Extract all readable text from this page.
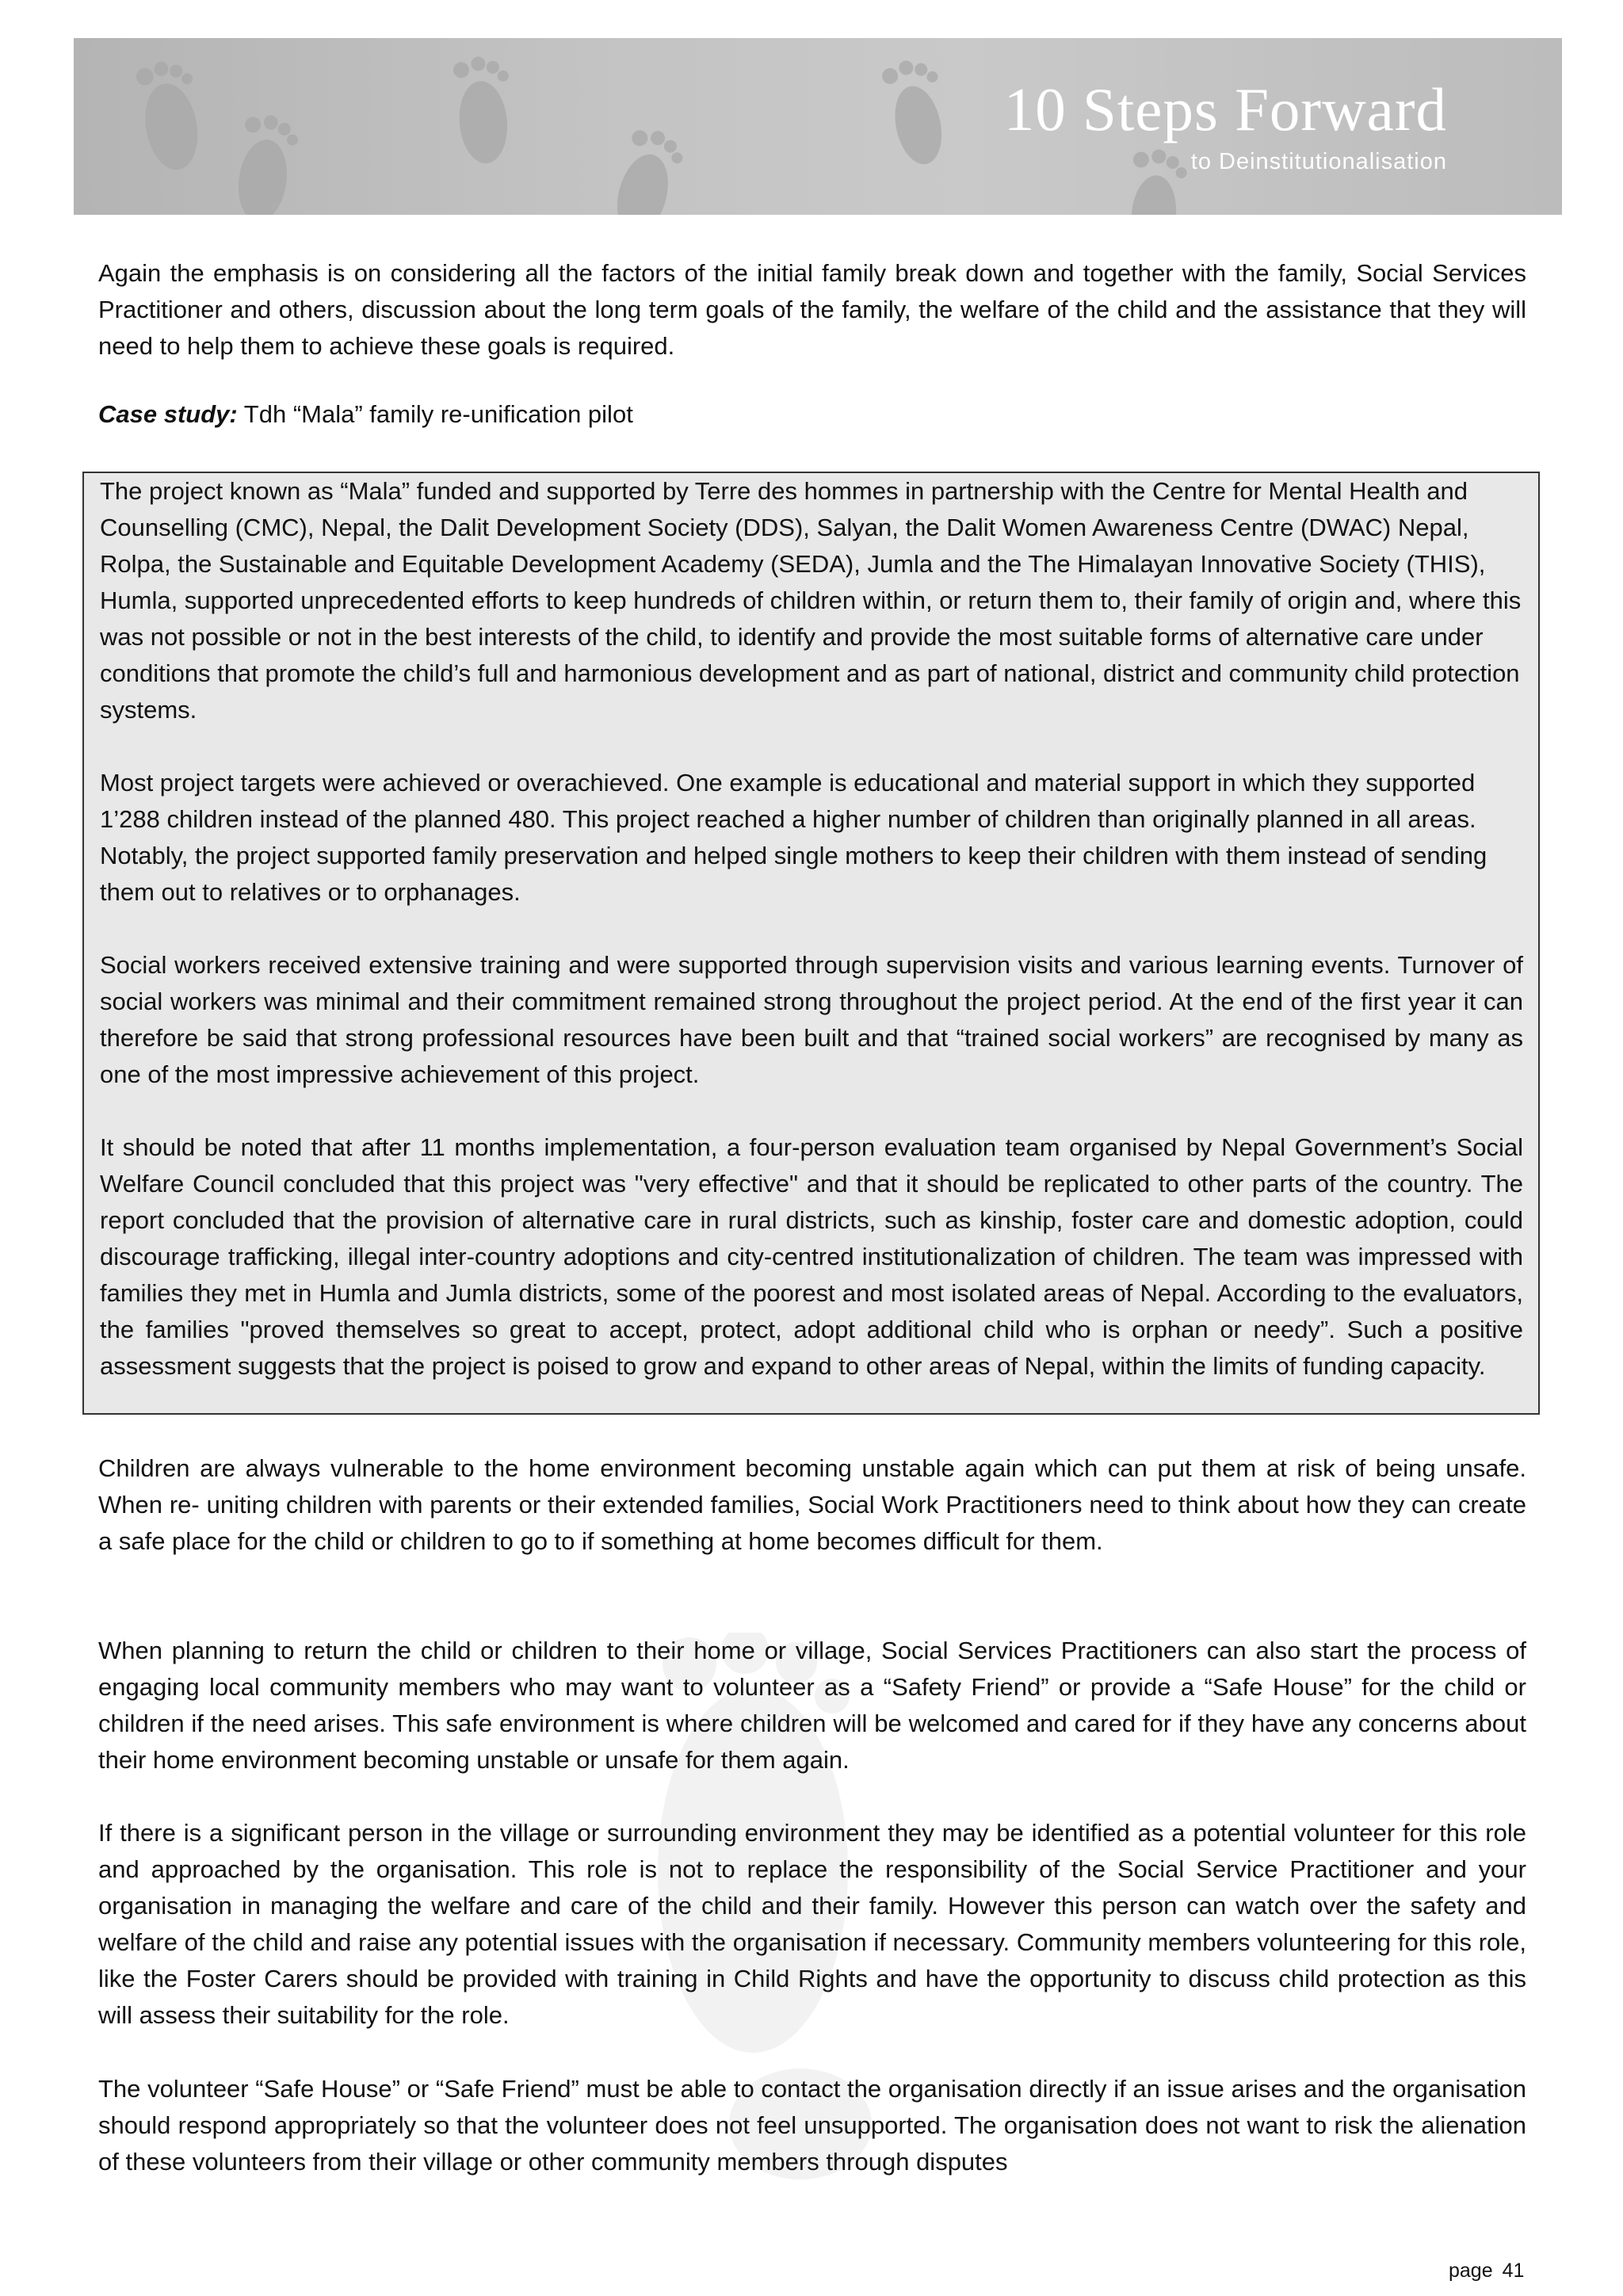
10 Steps Forward
to Deinstitutionalisation

Again the emphasis is on considering all the factors of the initial family break down and together with the family, Social Services Practitioner and others, discussion about the long term goals of the family, the welfare of the child and the assistance that they will need to help them to achieve these goals is required.

Case study: Tdh “Mala” family re-unification pilot

The project known as “Mala” funded and supported by Terre des hommes in partnership with the Centre for Mental Health and Counselling (CMC), Nepal, the Dalit Development Society (DDS), Salyan, the Dalit Women Awareness Centre (DWAC) Nepal, Rolpa, the Sustainable and Equitable Development Academy (SEDA), Jumla and the The Himalayan Innovative Society (THIS), Humla, supported unprecedented efforts to keep hundreds of children within, or return them to, their family of origin and, where this was not possible or not in the best interests of the child, to identify and provide the most suitable forms of alternative care under conditions that promote the child’s full and harmonious development and as part of national, district and community child protection systems.

Most project targets were achieved or overachieved. One example is educational and material support in which they supported 1’288 children instead of the planned 480. This project reached a higher number of children than originally planned in all areas. Notably, the project supported family preservation and helped single mothers to keep their children with them instead of sending them out to relatives or to orphanages.

Social workers received extensive training and were supported through supervision visits and various learning events. Turnover of social workers was minimal and their commitment remained strong throughout the project period. At the end of the first year it can therefore be said that strong professional resources have been built and that “trained social workers” are recognised by many as one of the most impressive achievement of this project.

It should be noted that after 11 months implementation, a four-person evaluation team organised by Nepal Government’s Social Welfare Council concluded that this project was "very effective" and that it should be replicated to other parts of the country. The report concluded that the provision of alternative care in rural districts, such as kinship, foster care and domestic adoption, could discourage trafficking, illegal inter-country adoptions and city-centred institutionalization of children. The team was impressed with families they met in Humla and Jumla districts, some of the poorest and most isolated areas of Nepal. According to the evaluators, the families "proved themselves so great to accept, protect, adopt additional child who is orphan or needy”. Such a positive assessment suggests that the project is poised to grow and expand to other areas of Nepal, within the limits of funding capacity.

Children are always vulnerable to the home environment becoming unstable again which can put them at risk of being unsafe. When re- uniting children with parents or their extended families, Social Work Practitioners need to think about how they can create a safe place for the child or children to go to if something at home becomes difficult for them.

When planning to return the child or children to their home or village, Social Services Practitioners can also start the process of engaging local community members who may want to volunteer as a “Safety Friend” or provide a “Safe House” for the child or children if the need arises. This safe environment is where children will be welcomed and cared for if they have any concerns about their home environment becoming unstable or unsafe for them again.

If there is a significant person in the village or surrounding environment they may be identified as a potential volunteer for this role and approached by the organisation. This role is not to replace the responsibility of the Social Service Practitioner and your organisation in managing the welfare and care of the child and their family. However this person can watch over the safety and welfare of the child and raise any potential issues with the organisation if necessary. Community members volunteering for this role, like the Foster Carers should be provided with training in Child Rights and have the opportunity to discuss child protection as this will assess their suitability for the role.

The volunteer “Safe House” or “Safe Friend” must be able to contact the organisation directly if an issue arises and the organisation should respond appropriately so that the volunteer does not feel unsupported. The organisation does not want to risk the alienation of these volunteers from their village or other community members through disputes

page 41
